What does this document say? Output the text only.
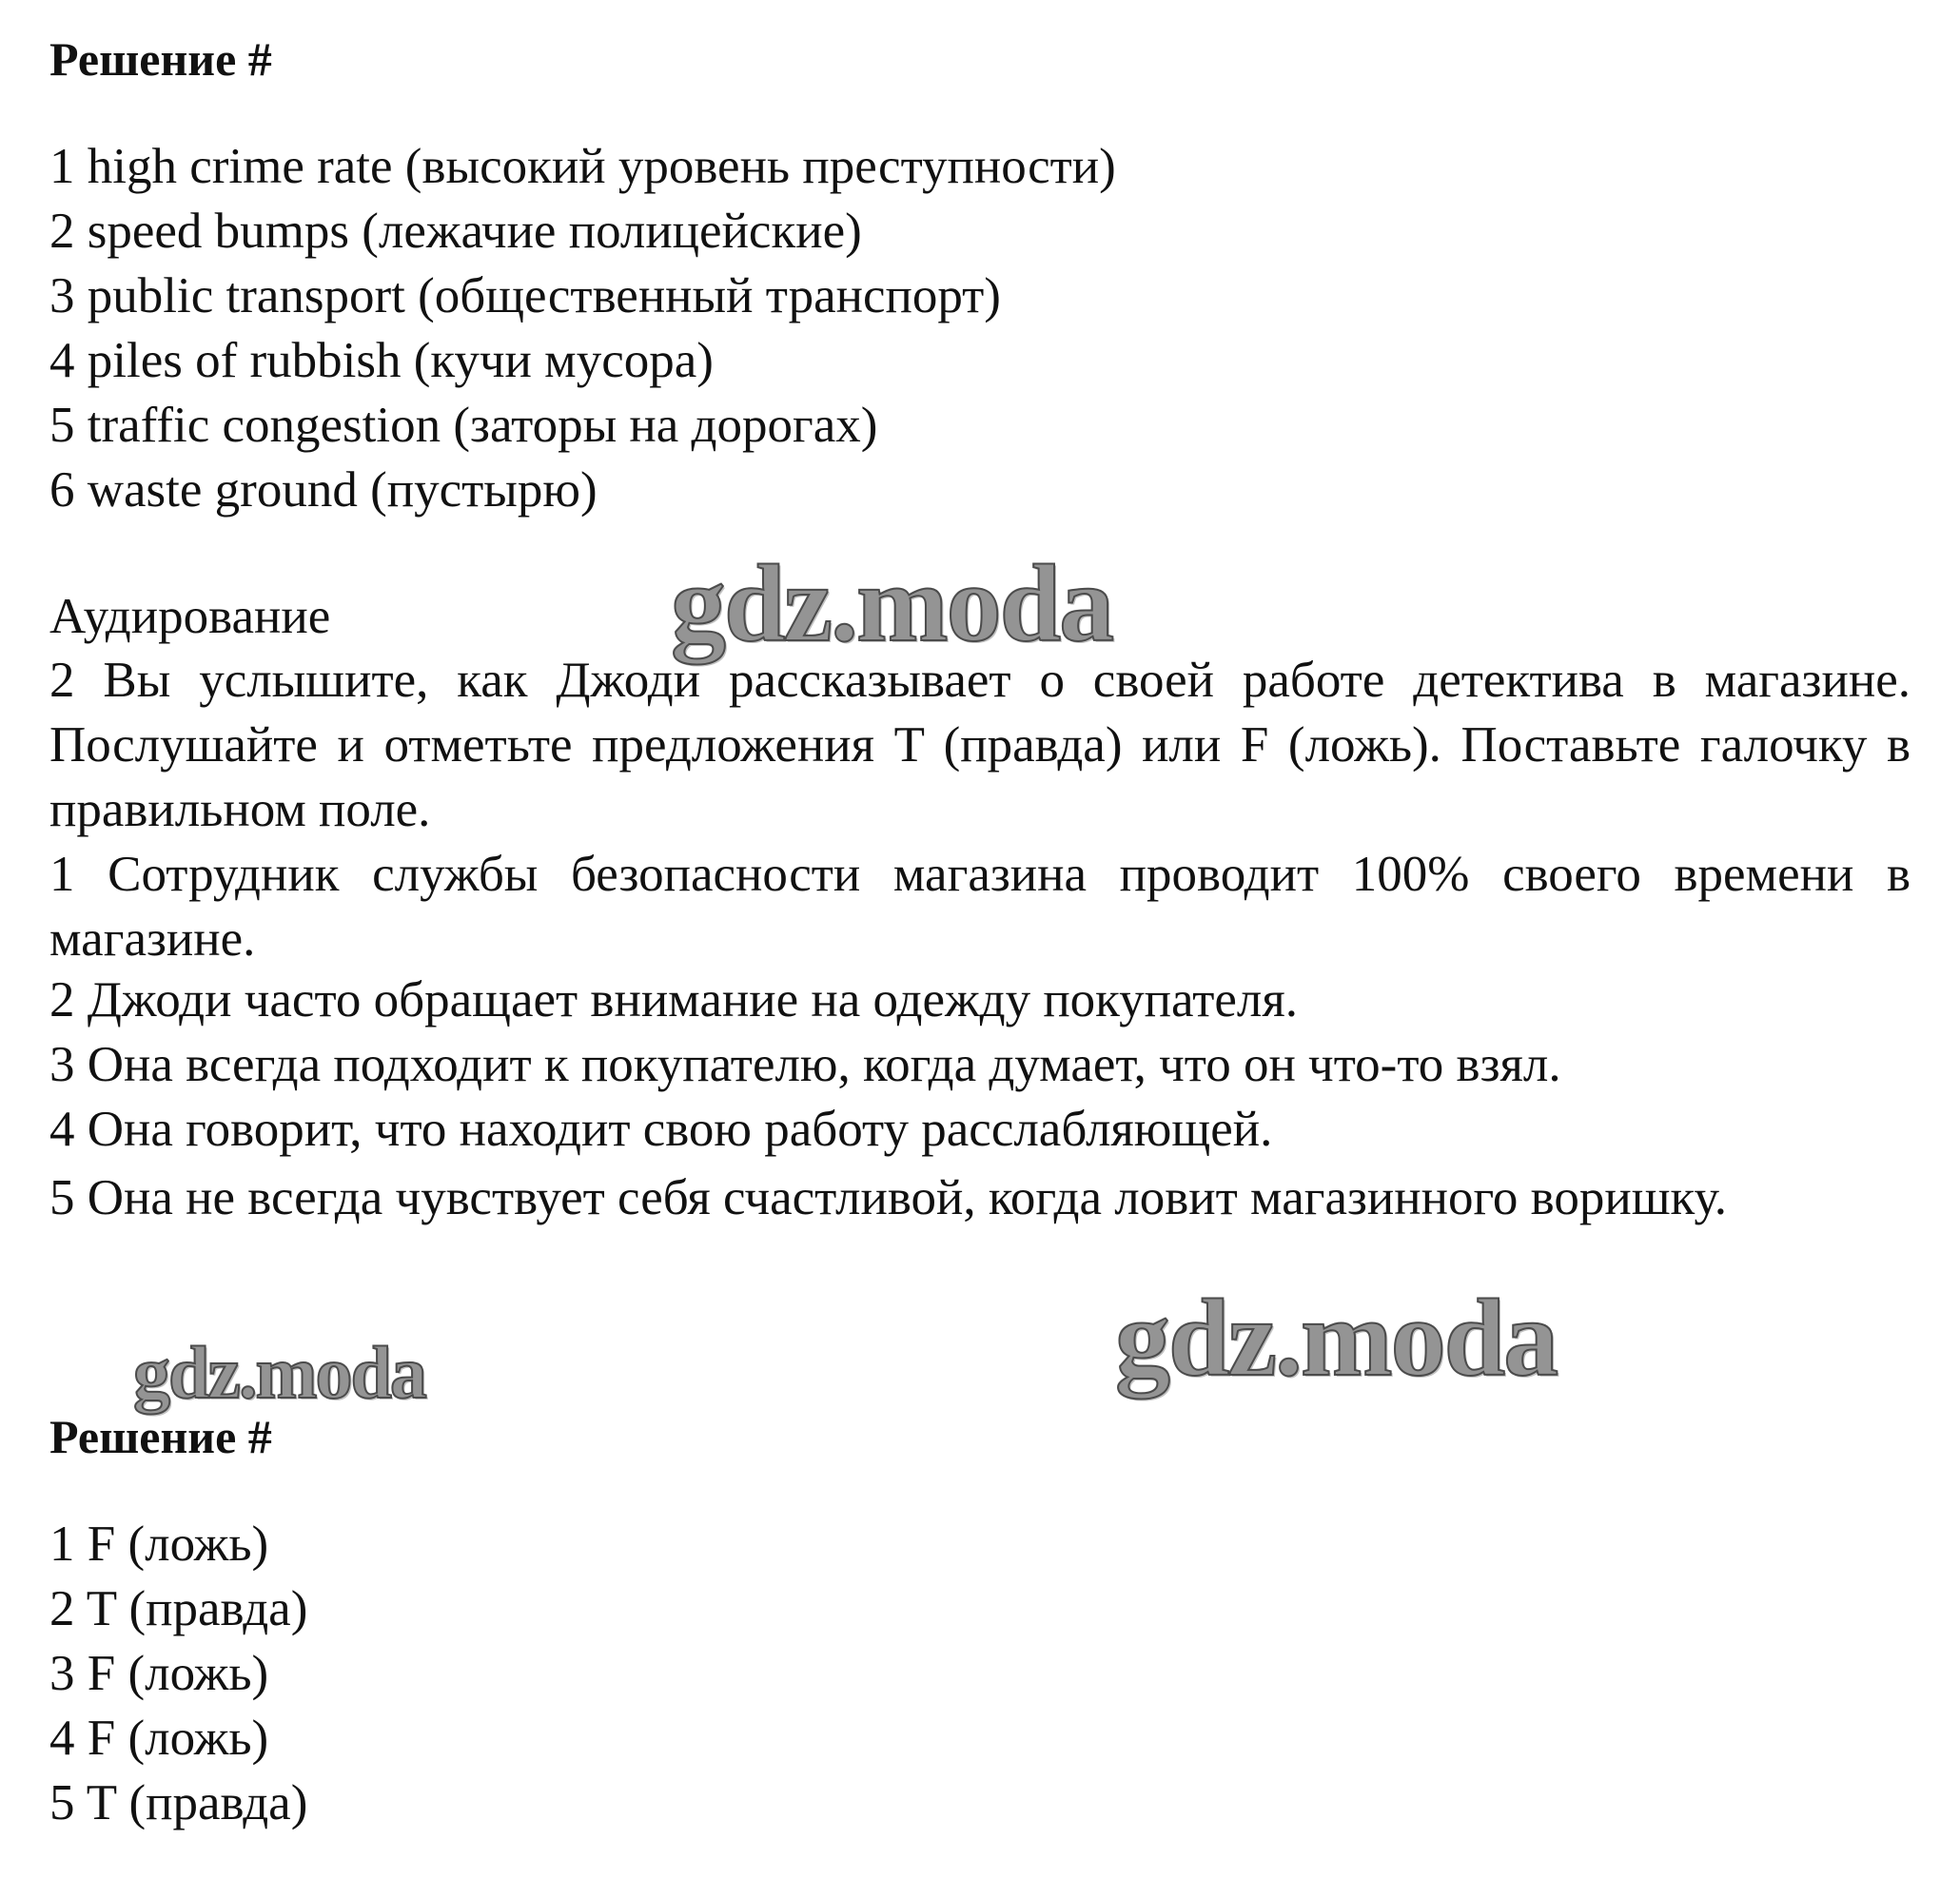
Решение #
1 high crime rate (высокий уровень преступности)
2 speed bumps (лежачие полицейские)
3 public transport (общественный транспорт)
4 piles of rubbish (кучи мусора)
5 traffic congestion (заторы на дорогах)
6 waste ground (пустырю)
Аудирование
2 Вы услышите, как Джоди рассказывает о своей работе детектива в магазине. Послушайте и отметьте предложения T (правда) или F (ложь). Поставьте галочку в правильном поле.
1 Сотрудник службы безопасности магазина проводит 100% своего времени в магазине.
2 Джоди часто обращает внимание на одежду покупателя.
3 Она всегда подходит к покупателю, когда думает, что он что-то взял.
4 Она говорит, что находит свою работу расслабляющей.
5 Она не всегда чувствует себя счастливой, когда ловит магазинного воришку.
Решение #
1 F (ложь)
2 T (правда)
3 F (ложь)
4 F (ложь)
5 T (правда)
gdz.moda
gdz.moda
gdz.moda
